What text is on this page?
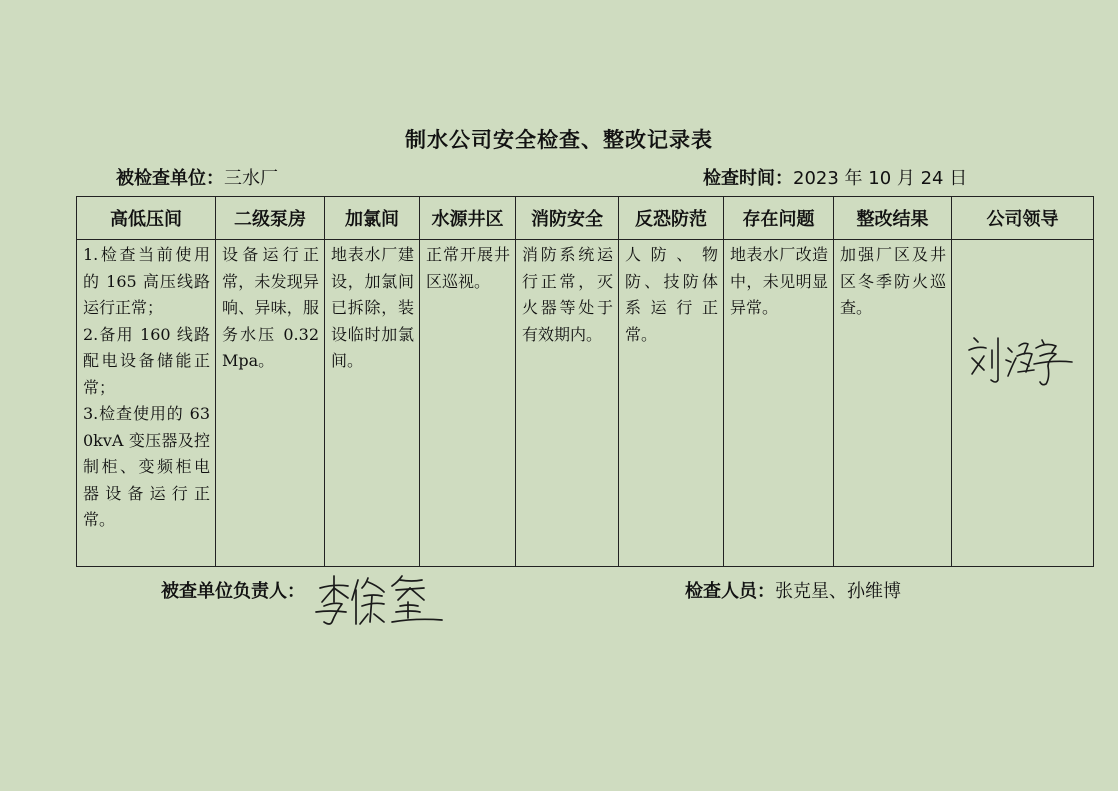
制水公司安全检查、整改记录表
被检查单位：三水厂	检查时间：2023 年 10 月 24 日
高低压间	二级泵房	加氯间	水源井区	消防安全	反恐防范	存在问题	整改结果	公司领导

1.检查当前使用的 165 高压线路运行正常；
2.备用 160 线路配电设备储能正常；
3.检查使用的 630kvA 变压器及控制柜、变频柜电器设备运行正常。	设备运行正常，未发现异响、异味，服务水压 0.32Mpa。	地表水厂建设，加氯间已拆除，装设临时加氯间。	正常开展井区巡视。	消防系统运行正常，灭火器等处于有效期内。	人防、物防、技防体系运行正常。	地表水厂改造中，未见明显异常。	加强厂区及井区冬季防火巡查。	
被查单位负责人：	检查人员：张克星、孙维博
